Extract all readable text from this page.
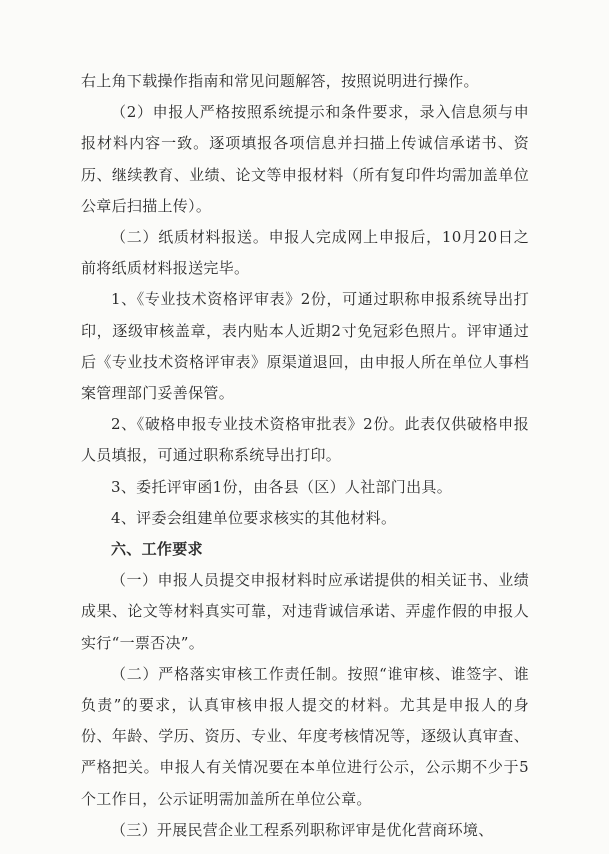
右上角下载操作指南和常见问题解答，按照说明进行操作。

（2）申报人严格按照系统提示和条件要求，录入信息须与申报材料内容一致。逐项填报各项信息并扫描上传诚信承诺书、资历、继续教育、业绩、论文等申报材料（所有复印件均需加盖单位公章后扫描上传）。

（二）纸质材料报送。申报人完成网上申报后，10月20日之前将纸质材料报送完毕。

1、《专业技术资格评审表》2份，可通过职称申报系统导出打印，逐级审核盖章，表内贴本人近期2寸免冠彩色照片。评审通过后《专业技术资格评审表》原渠道退回，由申报人所在单位人事档案管理部门妥善保管。

2、《破格申报专业技术资格审批表》2份。此表仅供破格申报人员填报，可通过职称系统导出打印。

3、委托评审函1份，由各县（区）人社部门出具。

4、评委会组建单位要求核实的其他材料。

六、工作要求

（一）申报人员提交申报材料时应承诺提供的相关证书、业绩成果、论文等材料真实可靠，对违背诚信承诺、弄虚作假的申报人实行“一票否决”。

（二）严格落实审核工作责任制。按照“谁审核、谁签字、谁负责”的要求，认真审核申报人提交的材料。尤其是申报人的身份、年龄、学历、资历、专业、年度考核情况等，逐级认真审查、严格把关。申报人有关情况要在本单位进行公示，公示期不少于5个工作日，公示证明需加盖所在单位公章。

（三）开展民营企业工程系列职称评审是优化营商环境、
